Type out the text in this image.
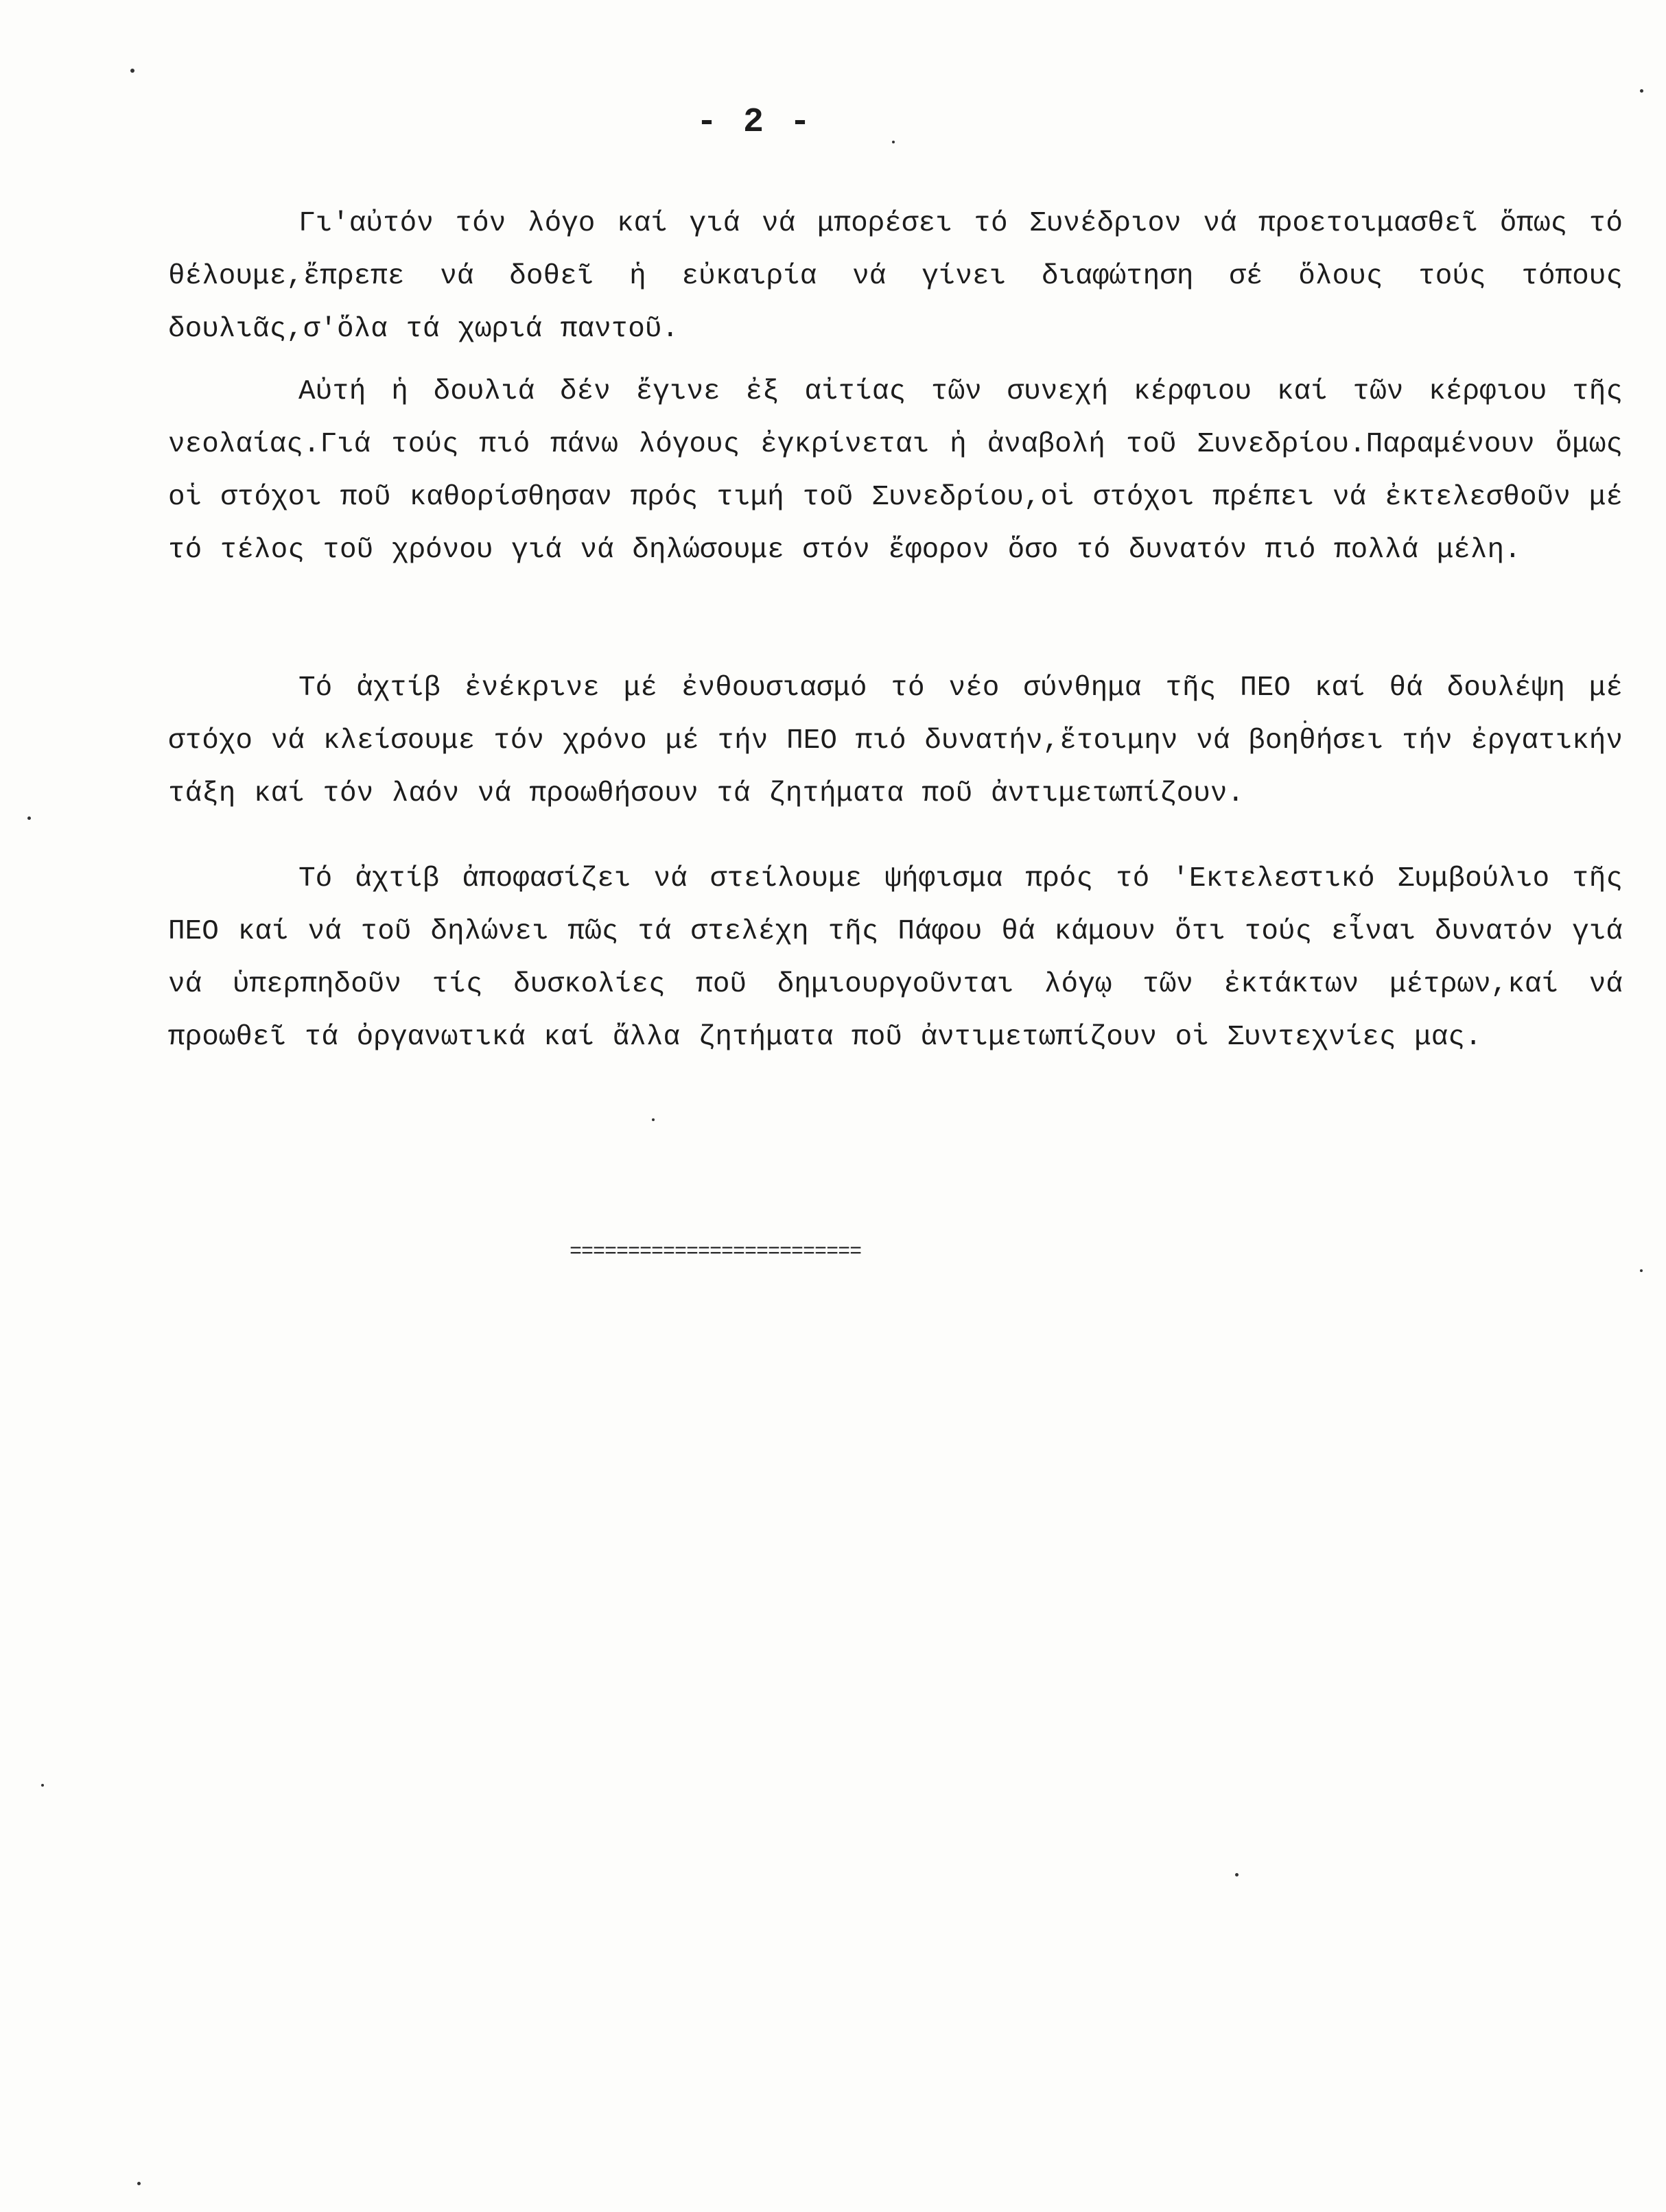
- 2 -

Γι'αὐτόν τόν λόγο καί γιά νά μπορέσει τό Συνέδριον νά προετοιμασθεῖ ὅπως τό θέλουμε,ἔπρεπε νά δοθεῖ ἡ εὐκαιρία νά γίνει διαφώτηση σέ ὅλους τούς τόπους δουλιᾶς,σ'ὅλα τά χωριά παντοῦ.

Αὐτή ἡ δουλιά δέν ἔγινε ἐξ αἰτίας τῶν συνεχή κέρφιου καί τῶν κέρφιου τῆς νεολαίας.Γιά τούς πιό πάνω λόγους ἐγκρίνεται ἡ ἀναβολή τοῦ Συνεδρίου.Παραμένουν ὅμως οἱ στόχοι ποῦ καθορίσθησαν πρός τιμή τοῦ Συνεδρίου,οἱ στόχοι πρέπει νά ἐκτελεσθοῦν μέ τό τέλος τοῦ χρόνου γιά νά δηλώσουμε στόν ἔφορον ὅσο τό δυνατόν πιό πολλά μέλη.

Τό ἀχτίβ ἐνέκρινε μέ ἐνθουσιασμό τό νέο σύνθημα τῆς ΠΕΟ καί θά δουλέψη μέ στόχο νά κλείσουμε τόν χρόνο μέ τήν ΠΕΟ πιό δυνατήν,ἕτοιμην νά βοηθήσει τήν ἐργατικήν τάξη καί τόν λαόν νά προωθήσουν τά ζητήματα ποῦ ἀντιμετωπίζουν.

Τό ἀχτίβ ἀποφασίζει νά στείλουμε ψήφισμα πρός τό 'Εκτελεστικό Συμβούλιο τῆς ΠΕΟ καί νά τοῦ δηλώνει πῶς τά στελέχη τῆς Πάφου θά κάμουν ὅτι τούς εἶναι δυνατόν γιά νά ὑπερπηδοῦν τίς δυσκολίες ποῦ δημιουργοῦνται λόγῳ τῶν ἐκτάκτων μέτρων,καί νά προωθεῖ τά ὀργανωτικά καί ἄλλα ζητήματα ποῦ ἀντιμετωπίζουν οἱ Συντεχνίες μας.

=========================
